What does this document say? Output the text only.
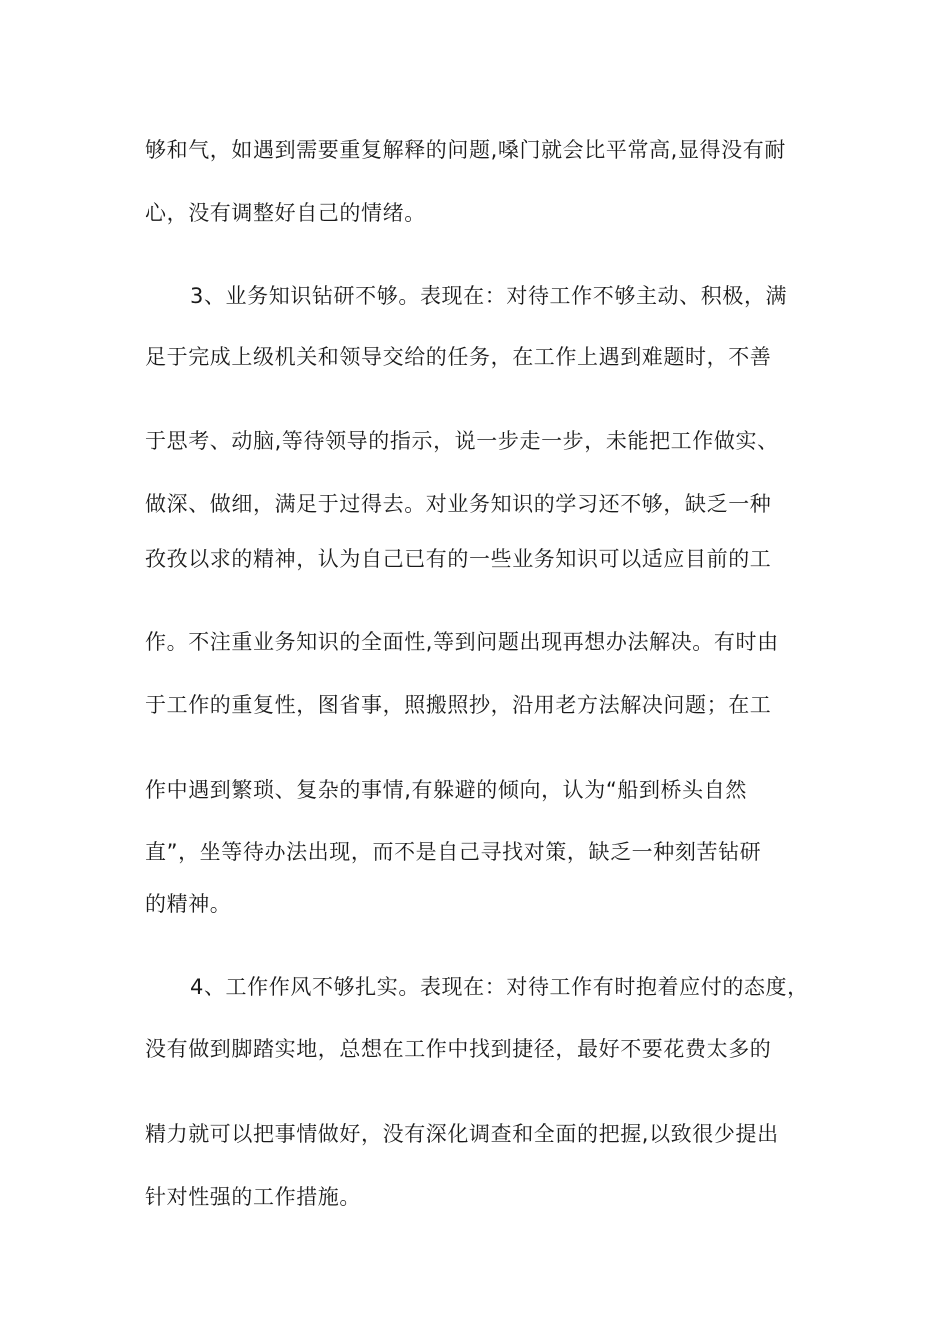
够和气，如遇到需要重复解释的问题,嗓门就会比平常高,显得没有耐
心，没有调整好自己的情绪。
3、业务知识钻研不够。表现在：对待工作不够主动、积极，满
足于完成上级机关和领导交给的任务，在工作上遇到难题时，不善
于思考、动脑,等待领导的指示，说一步走一步，未能把工作做实、
做深、做细，满足于过得去。对业务知识的学习还不够，缺乏一种
孜孜以求的精神，认为自己已有的一些业务知识可以适应目前的工
作。不注重业务知识的全面性,等到问题出现再想办法解决。有时由
于工作的重复性，图省事，照搬照抄，沿用老方法解决问题；在工
作中遇到繁琐、复杂的事情,有躲避的倾向，认为“船到桥头自然
直”，坐等待办法出现，而不是自己寻找对策，缺乏一种刻苦钻研
的精神。
4、工作作风不够扎实。表现在：对待工作有时抱着应付的态度，
没有做到脚踏实地，总想在工作中找到捷径，最好不要花费太多的
精力就可以把事情做好，没有深化调查和全面的把握,以致很少提出
针对性强的工作措施。
